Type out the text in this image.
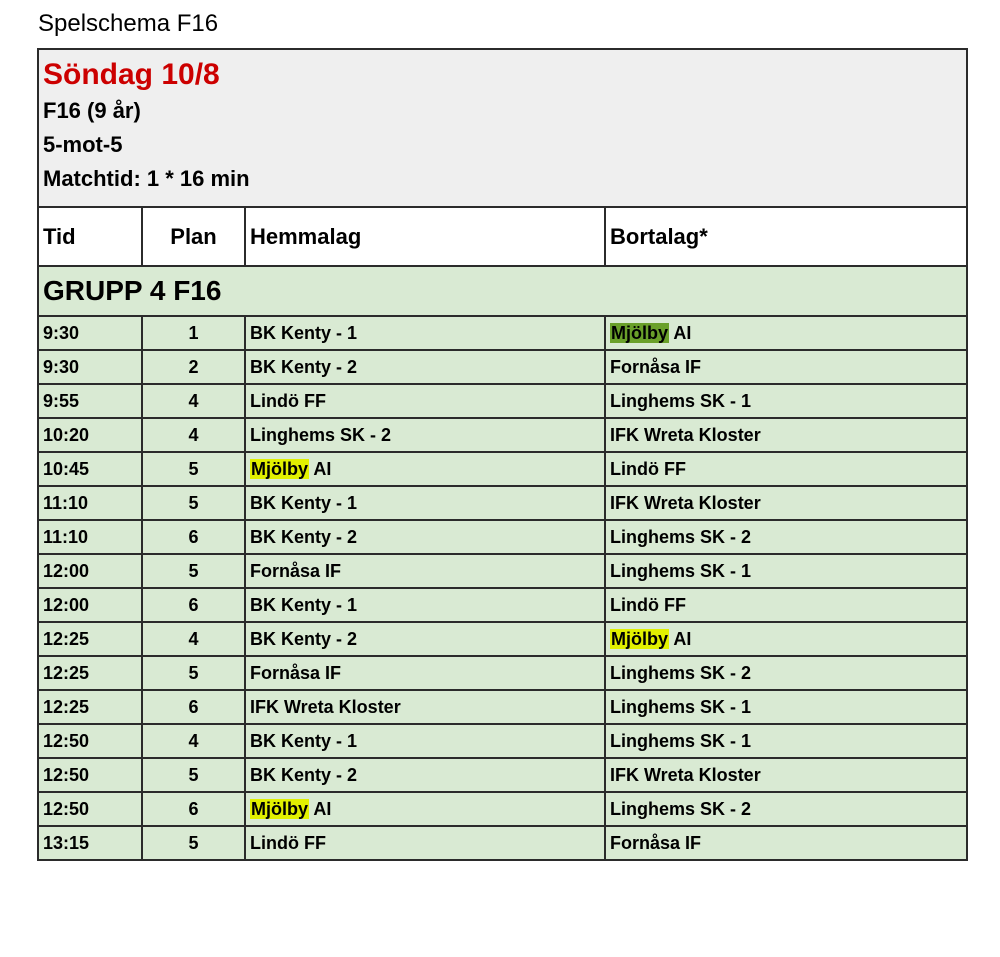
Spelschema F16
Söndag 10/8
F16 (9 år)
5-mot-5
Matchtid: 1 * 16 min			

Tid	Plan	Hemmalag	Bortalag*
GRUPP 4 F16			
9:30	1	BK Kenty - 1	Mjölby AI
9:30	2	BK Kenty - 2	Fornåsa IF
9:55	4	Lindö FF	Linghems SK - 1
10:20	4	Linghems SK - 2	IFK Wreta Kloster
10:45	5	Mjölby AI	Lindö FF
11:10	5	BK Kenty - 1	IFK Wreta Kloster
11:10	6	BK Kenty - 2	Linghems SK - 2
12:00	5	Fornåsa IF	Linghems SK - 1
12:00	6	BK Kenty - 1	Lindö FF
12:25	4	BK Kenty - 2	Mjölby AI
12:25	5	Fornåsa IF	Linghems SK - 2
12:25	6	IFK Wreta Kloster	Linghems SK - 1
12:50	4	BK Kenty - 1	Linghems SK - 1
12:50	5	BK Kenty - 2	IFK Wreta Kloster
12:50	6	Mjölby AI	Linghems SK - 2
13:15	5	Lindö FF	Fornåsa IF
